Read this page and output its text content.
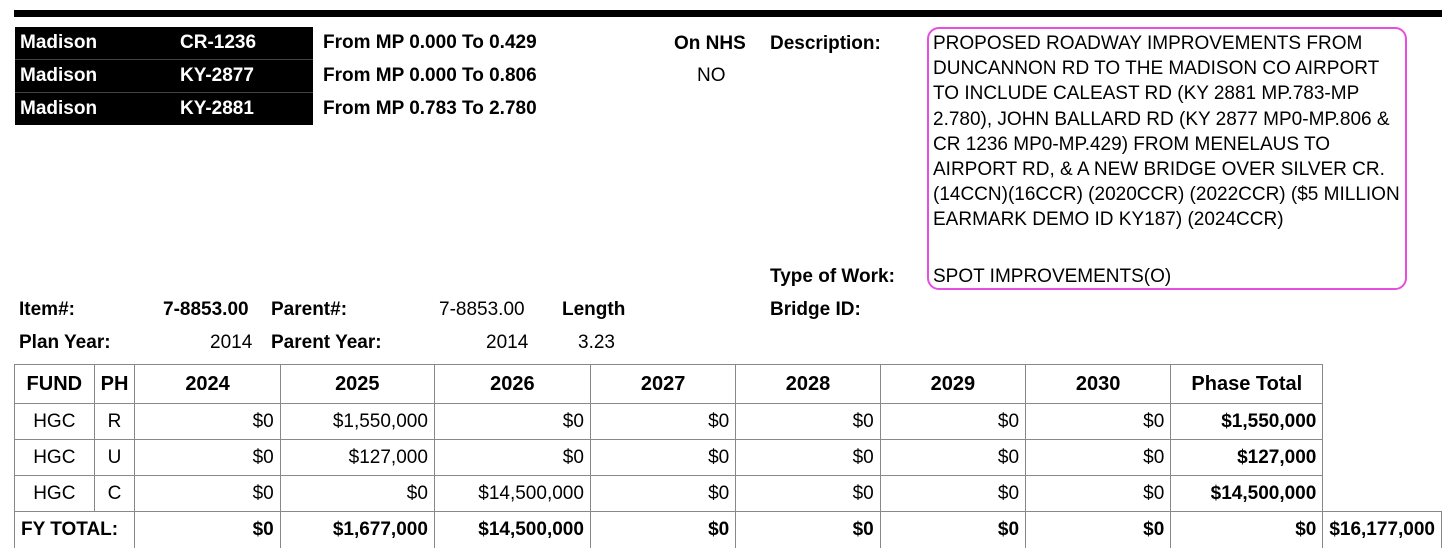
Madison	CR-1236	From MP 0.000 To 0.429
Madison	KY-2877	From MP 0.000 To 0.806
Madison	KY-2881	From MP 0.783 To 2.780
On NHS
NO
Description:	PROPOSED ROADWAY IMPROVEMENTS FROM DUNCANNON RD TO THE MADISON CO AIRPORT TO INCLUDE CALEAST RD (KY 2881 MP.783-MP 2.780), JOHN BALLARD RD (KY 2877 MP0-MP.806 & CR 1236 MP0-MP.429) FROM MENELAUS TO AIRPORT RD, & A NEW BRIDGE OVER SILVER CR.(14CCN)(16CCR) (2020CCR) (2022CCR) ($5 MILLION EARMARK DEMO ID KY187) (2024CCR)
Type of Work: SPOT IMPROVEMENTS(O)
Bridge ID:
Item#:	7-8853.00 Parent#:	7-8853.00 Length
3.23
Plan Year:	2014 Parent Year:	2014
FUND	PH	2024	2025	2026	2027	2028	2029	2030	Phase Total	
HGC	R	$0	$1,550,000	$0	$0	$0	$0	$0	$1,550,000	
HGC	U	$0	$127,000	$0	$0	$0	$0	$0	$127,000	
HGC	C	$0	$0	$14,500,000	$0	$0	$0	$0	$14,500,000	
FY TOTAL:		$0	$1,677,000	$14,500,000	$0	$0	$0	$0	$0	$16,177,000
